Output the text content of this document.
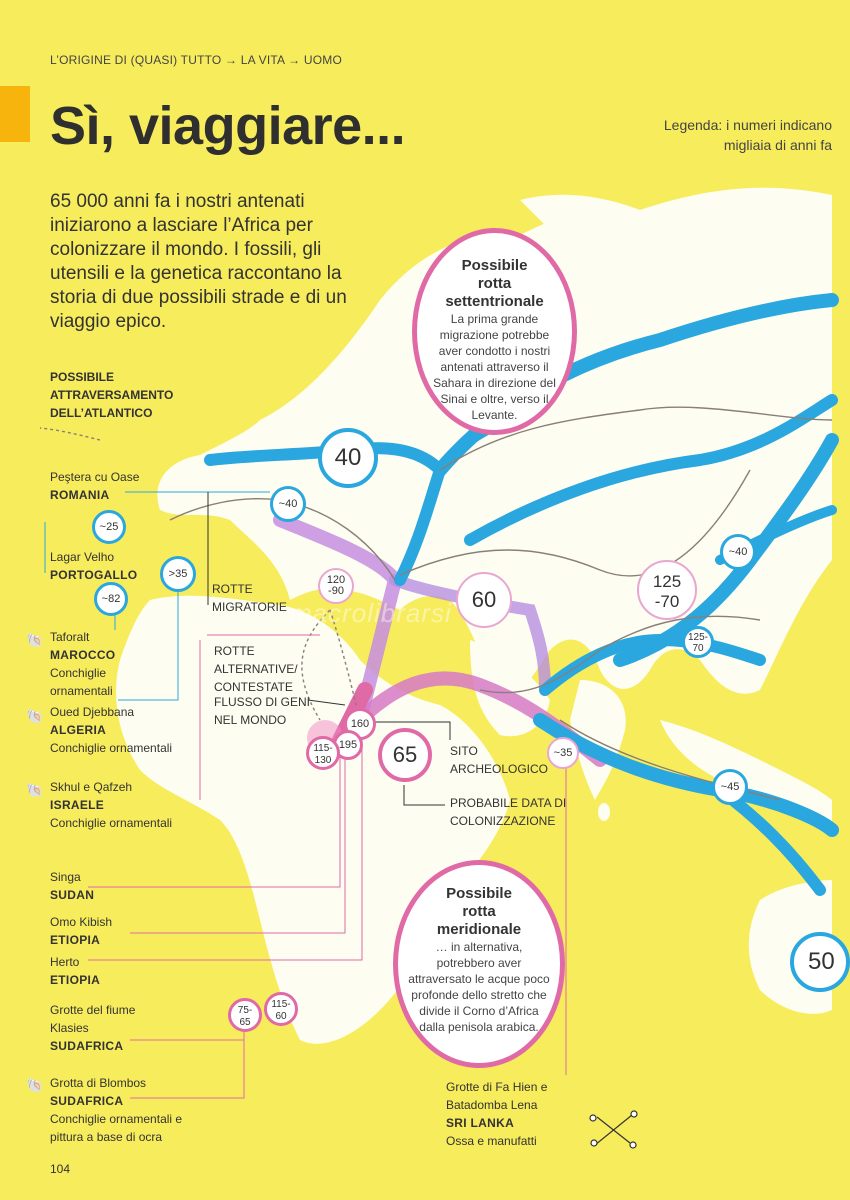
L’ORIGINE DI (QUASI) TUTTO → LA VITA → UOMO
Sì, viaggiare...
65 000 anni fa i nostri antenati iniziarono a lasciare l’Africa per colonizzare il mondo. I fossili, gli utensili e la genetica raccontano la storia di due possibili strade e di un viaggio epico.
Legenda: i numeri indicano
migliaia di anni fa
POSSIBILE
ATTRAVERSAMENTO
DELL’ATLANTICO
Possibile
rotta
settentrionale
La prima grande migrazione potrebbe aver condotto i nostri antenati attraverso il Sahara in direzione del Sinai e oltre, verso il Levante.
Possibile
rotta
meridionale
… in alternativa, potrebbero aver attraversato le acque poco profonde dello stretto che divide il Corno d’Africa dalla penisola arabica.
ROTTE
MIGRATORIE
ROTTE
ALTERNATIVE/
CONTESTATE
FLUSSO DI GENI
NEL MONDO
SITO
ARCHEOLOGICO
PROBABILE DATA DI
COLONIZZAZIONE
Peştera cu Oase
ROMANIA
Lagar Velho
PORTOGALLO
🐚 Taforalt
MAROCCO
Conchiglie ornamentali
🐚 Oued Djebbana
ALGERIA
Conchiglie ornamentali
🐚 Skhul e Qafzeh
ISRAELE
Conchiglie ornamentali
Singa
SUDAN
Omo Kibish
ETIOPIA
Herto
ETIOPIA
Grotte del fiume Klasies
SUDAFRICA
🐚 Grotta di Blombos
SUDAFRICA
Conchiglie ornamentali e pittura a base di ocra
Grotte di Fa Hien e Batadomba Lena
SRI LANKA
Ossa e manufatti
40
~40
~25
>35
~82
120
-90	60
125
-70
125-
70
~40
160
195
115-
130	65	~35
~45
50
75-
65
115-
60
macrolibrarsi
104
